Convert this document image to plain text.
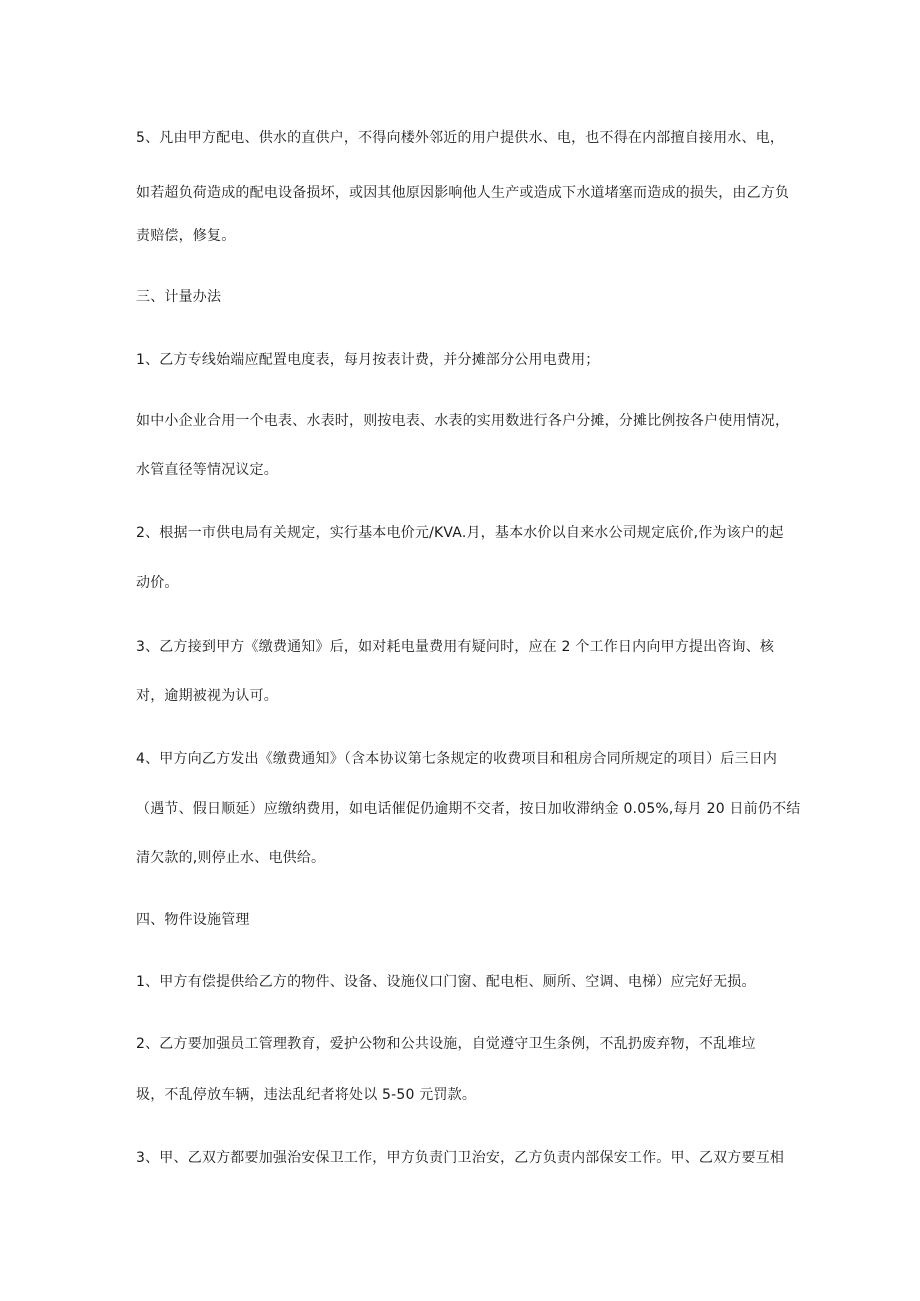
5、凡由甲方配电、供水的直供户，不得向楼外邻近的用户提供水、电，也不得在内部擅自接用水、电，
如若超负荷造成的配电设备损坏，或因其他原因影响他人生产或造成下水道堵塞而造成的损失，由乙方负
责赔偿，修复。
三、计量办法
1、乙方专线始端应配置电度表，每月按表计费，并分摊部分公用电费用；
如中小企业合用一个电表、水表时，则按电表、水表的实用数进行各户分摊，分摊比例按各户使用情况，
水管直径等情况议定。
2、根据一市供电局有关规定，实行基本电价元/KVA.月，基本水价以自来水公司规定底价,作为该户的起
动价。
3、乙方接到甲方《缴费通知》后，如对耗电量费用有疑问时，应在 2 个工作日内向甲方提出咨询、核
对，逾期被视为认可。
4、甲方向乙方发出《缴费通知》（含本协议第七条规定的收费项目和租房合同所规定的项目）后三日内
（遇节、假日顺延）应缴纳费用，如电话催促仍逾期不交者，按日加收滞纳金 0.05%,每月 20 日前仍不结
清欠款的,则停止水、电供给。
四、物件设施管理
1、甲方有偿提供给乙方的物件、设备、设施仪口门窗、配电柜、厕所、空调、电梯）应完好无损。
2、乙方要加强员工管理教育，爱护公物和公共设施，自觉遵守卫生条例，不乱扔废弃物，不乱堆垃
圾，不乱停放车辆，违法乱纪者将处以 5-50 元罚款。
3、甲、乙双方都要加强治安保卫工作，甲方负责门卫治安，乙方负责内部保安工作。甲、乙双方要互相
